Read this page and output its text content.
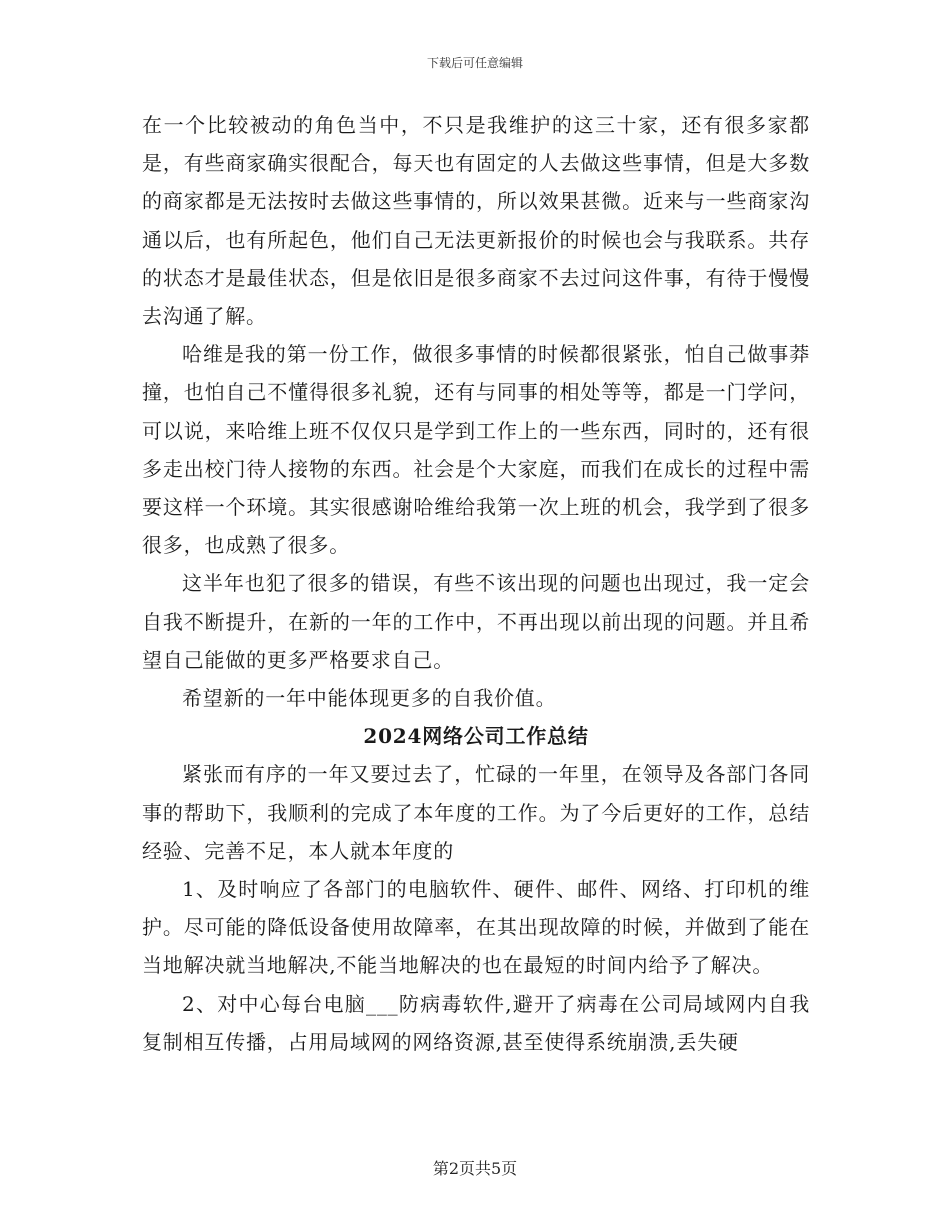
下载后可任意编辑

在一个比较被动的角色当中，不只是我维护的这三十家，还有很多家都是，有些商家确实很配合，每天也有固定的人去做这些事情，但是大多数的商家都是无法按时去做这些事情的，所以效果甚微。近来与一些商家沟通以后，也有所起色，他们自己无法更新报价的时候也会与我联系。共存的状态才是最佳状态，但是依旧是很多商家不去过问这件事，有待于慢慢去沟通了解。

哈维是我的第一份工作，做很多事情的时候都很紧张，怕自己做事莽撞，也怕自己不懂得很多礼貌，还有与同事的相处等等，都是一门学问，可以说，来哈维上班不仅仅只是学到工作上的一些东西，同时的，还有很多走出校门待人接物的东西。社会是个大家庭，而我们在成长的过程中需要这样一个环境。其实很感谢哈维给我第一次上班的机会，我学到了很多很多，也成熟了很多。

这半年也犯了很多的错误，有些不该出现的问题也出现过，我一定会自我不断提升，在新的一年的工作中，不再出现以前出现的问题。并且希望自己能做的更多严格要求自己。

希望新的一年中能体现更多的自我价值。

2024网络公司工作总结

紧张而有序的一年又要过去了，忙碌的一年里，在领导及各部门各同事的帮助下，我顺利的完成了本年度的工作。为了今后更好的工作，总结经验、完善不足，本人就本年度的

1、及时响应了各部门的电脑软件、硬件、邮件、网络、打印机的维护。尽可能的降低设备使用故障率，在其出现故障的时候，并做到了能在当地解决就当地解决,不能当地解决的也在最短的时间内给予了解决。

2、对中心每台电脑___防病毒软件,避开了病毒在公司局域网内自我复制相互传播，占用局域网的网络资源,甚至使得系统崩溃,丢失硬

第2页共5页
